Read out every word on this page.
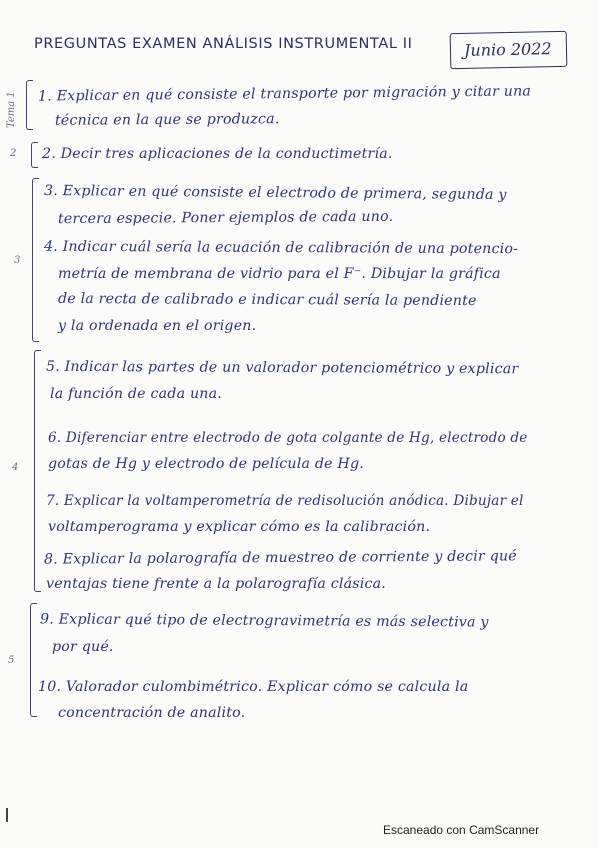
PREGUNTAS EXAMEN ANÁLISIS INSTRUMENTAL II	Junio 2022
Tema 1
2
3
4
5
1. Explicar en qué consiste el transporte por migración y citar una
técnica en la que se produzca.
2. Decir tres aplicaciones de la conductimetría.
3. Explicar en qué consiste el electrodo de primera, segunda y
tercera especie. Poner ejemplos de cada uno.
4. Indicar cuál sería la ecuación de calibración de una potencio-
metría de membrana de vidrio para el F⁻. Dibujar la gráfica
de la recta de calibrado e indicar cuál sería la pendiente
y la ordenada en el origen.
5. Indicar las partes de un valorador potenciométrico y explicar
la función de cada una.
6. Diferenciar entre electrodo de gota colgante de Hg, electrodo de
gotas de Hg y electrodo de película de Hg.
7. Explicar la voltamperometría de redisolución anódica. Dibujar el
voltamperograma y explicar cómo es la calibración.
8. Explicar la polarografía de muestreo de corriente y decir qué
ventajas tiene frente a la polarografía clásica.
9. Explicar qué tipo de electrogravimetría es más selectiva y
por qué.
10. Valorador culombimétrico. Explicar cómo se calcula la
concentración de analito.
Escaneado con CamScanner
